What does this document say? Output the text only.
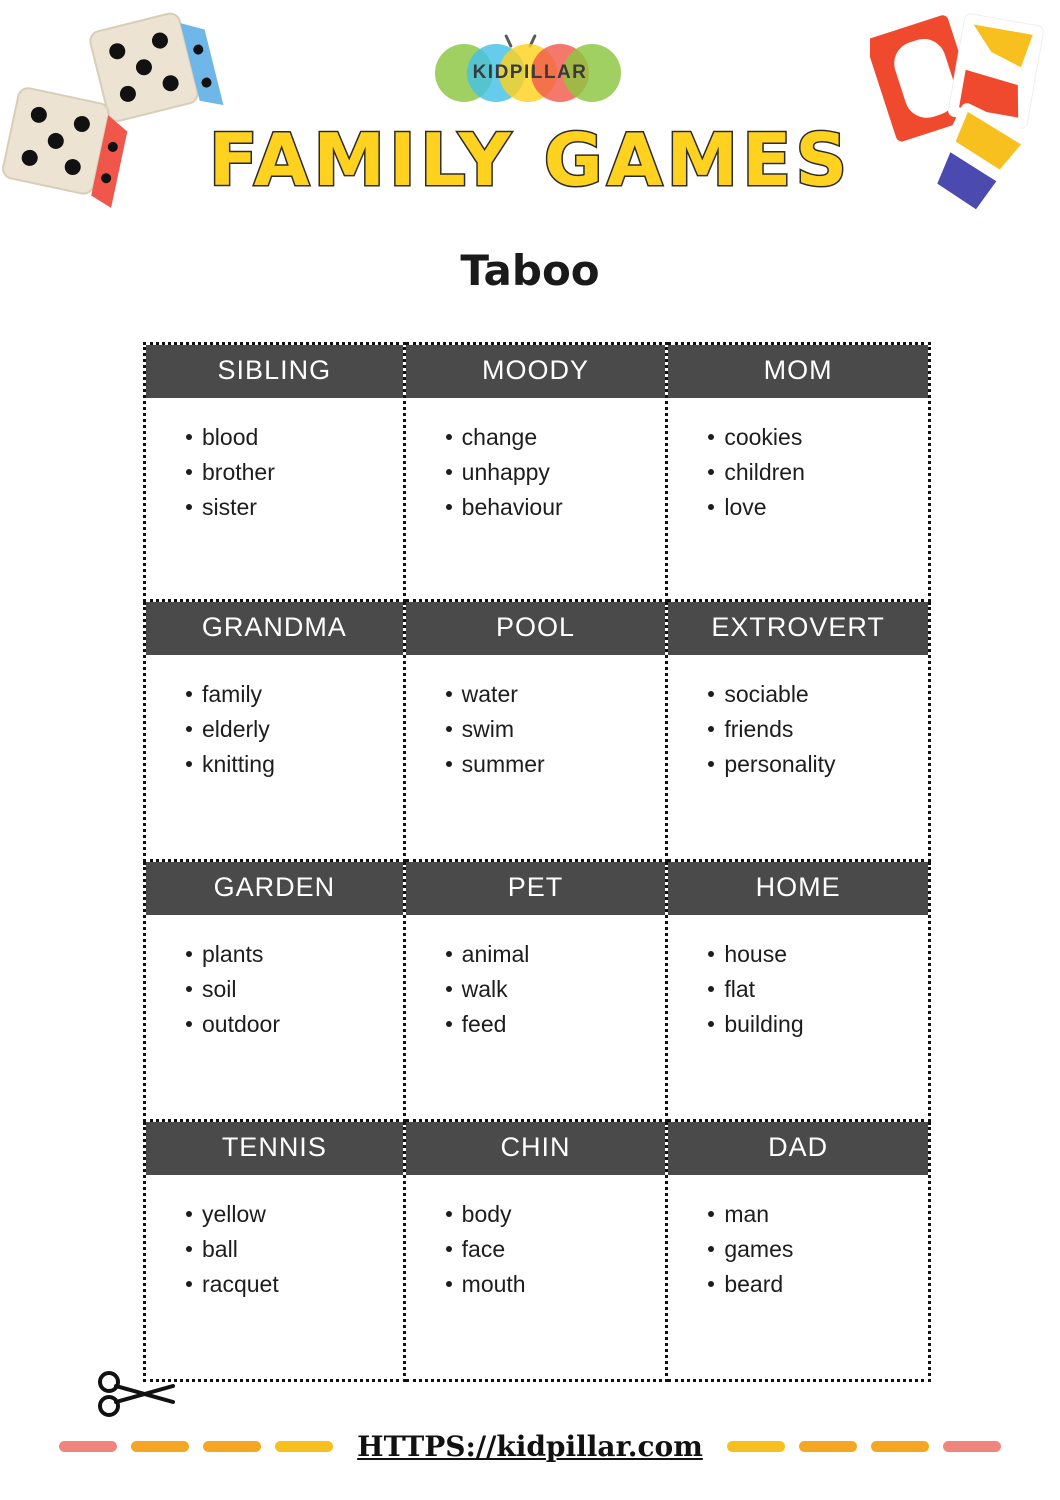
KIDPILLAR
FAMILY GAMES
Taboo
SIBLING
blood
brother
sister
MOODY
change
unhappy
behaviour
MOM
cookies
children
love
GRANDMA
family
elderly
knitting
POOL
water
swim
summer
EXTROVERT
sociable
friends
personality
GARDEN
plants
soil
outdoor
PET
animal
walk
feed
HOME
house
flat
building
TENNIS
yellow
ball
racquet
CHIN
body
face
mouth
DAD
man
games
beard
HTTPS://kidpillar.com
